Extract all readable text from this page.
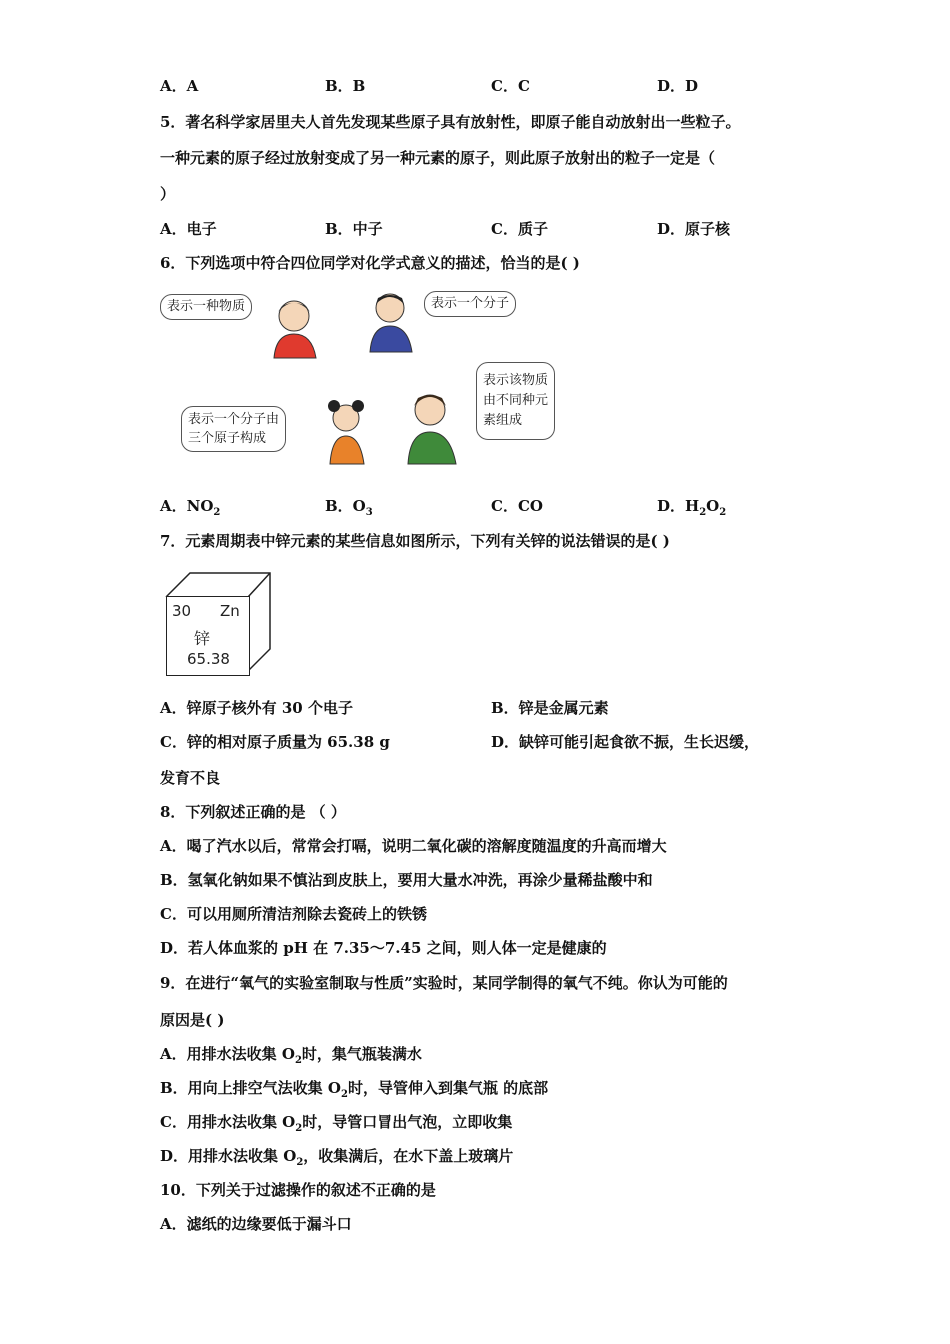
A．A	B．B	C．C	D．D
5．著名科学家居里夫人首先发现某些原子具有放射性，即原子能自动放射出一些粒子。
一种元素的原子经过放射变成了另一种元素的原子，则此原子放射出的粒子一定是（
）
A．电子	B．中子	C．质子	D．原子核
6．下列选项中符合四位同学对化学式意义的描述，恰当的是( )
表示一种物质	表示一个分子
表示一个分子由
三个原子构成
表示该物质
由不同种元
素组成
A．$NO_2$	B．$O_3$	C．CO	D．$H_2O_2$
7．元素周期表中锌元素的某些信息如图所示，下列有关锌的说法错误的是( )
30 Zn
锌
65.38
A．锌原子核外有 30 个电子	B．锌是金属元素
C．锌的相对原子质量为 65.38 g	D．缺锌可能引起食欲不振，生长迟缓，
发育不良
8．下列叙述正确的是 （ ）
A．喝了汽水以后，常常会打嗝，说明二氧化碳的溶解度随温度的升高而增大
B．氢氧化钠如果不慎沾到皮肤上，要用大量水冲洗，再涂少量稀盐酸中和
C．可以用厕所清洁剂除去瓷砖上的铁锈
D．若人体血浆的 pH 在 7.35～7.45 之间，则人体一定是健康的
9．在进行“氧气的实验室制取与性质”实验时，某同学制得的氧气不纯。你认为可能的
原因是( )
A．用排水法收集 $O_2$时，集气瓶装满水
B．用向上排空气法收集 $O_2$时，导管伸入到集气瓶 的底部
C．用排水法收集 $O_2$时，导管口冒出气泡，立即收集
D．用排水法收集 $O_2$，收集满后，在水下盖上玻璃片
10．下列关于过滤操作的叙述不正确的是
A．滤纸的边缘要低于漏斗口
